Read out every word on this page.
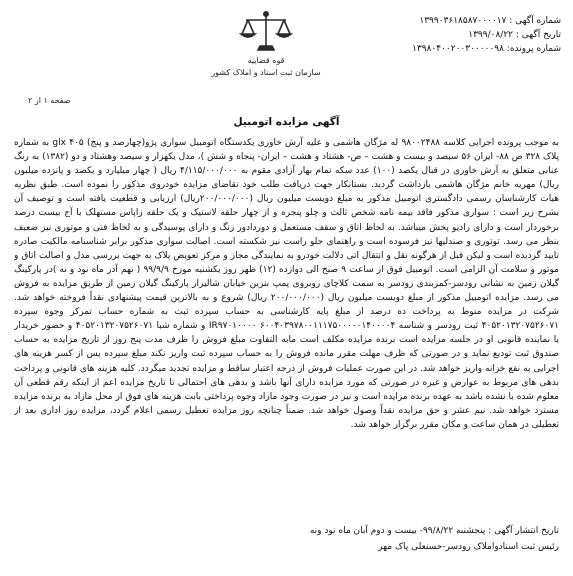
شماره آگهی : ۱۳۹۹۰۳۶۱۸۵۸۷۰۰۰۰۱۷
تاریخ آگهی : ۱۳۹۹/۰۸/۲۲
شماره پرونده: ۱۳۹۸۰۴۰۰۲۰۰۳۰۰۰۰۰۹۸
قوه قضاییه
سازمان ثبت اسناد و املاک کشور
صفحه ۱ از ۲
آگهی مزایده اتومبیل
به موجب پرونده اجرایی کلاسه ۹۸۰۰۲۴۸۸ له مژگان هاشمی و علیه آرش خاوری یکدستگاه اتومبیل سواری پژو(چهارصد و پنج) ۴۰۵ glx به شماره پلاک ۳۲۸ ص ۸۸- ایران ۵۶ سیصد و بیست و هشت – ص- هشتاد و هشت – ایران- پنجاه و شش )، مدل یکهزار و سیصد وهشتاد و دو (۱۳۸۲) به رنگ عنابی متعلق به آرش خاوری در قبال یکصد (۱۰۰) عدد سکه تمام بهار آزادی مقوم به ۴/۱۱۵/۰۰۰/۰۰۰ ریال ( چهار میلیارد و یکصد و پانزده میلیون ریال) مهریه خانم مژگان هاشمی بازداشت گردید. بستانکار جهت دریافت طلب خود تقاضای مزایده خودروی مذکور را نموده است. طبق نظریه هیات کارشناسان رسمی دادگستری اتومبیل مذکور به مبلغ دویست میلیون ریال (۲۰۰/۰۰۰/۰۰۰ریال) ارزیابی و قطعیت یافته است و توصیف آن بشرح زیر است : سواری مذکور فاقد بیمه نامه شخص ثالث و چلو پنجره و از چهار حلقه لاستیک و یک حلقه زاپاس مستهلک با آج بیست درصد برخوردار است و دارای رادیو پخش میباشد. به لحاظ اتاق و سقف مستعمل و دوردادور رنگ و دارای پوسیدگی و به لحاظ فنی و موتوری نیز ضعیف بنظر می رسد. توتوری و صندلیها نیز فرسوده است و راهنمای جلو راست نیز شکسته است. اصالت سواری مذکور برابر شناسنامه مالکیت صادره تایید گردیده است و لیکن قبل از هرگونه نقل و انتقال اتی دلالت خودرو به نمایندگی مجاز و مرکز تعویض پلاک به جهت بررسی مدل و اصالت اتاق و موتور و سلامت آن الزامی است. اتومبیل فوق از ساعت ۹ صبح الی دوازده (۱۲) ظهر روز یکشنبه مورخ ۹۹/۹/۹ ( نهم آذر ماه نود و نه )در پارکینگ گیلان زمین به نشانی رودسر-کمربندی رودسر به سمت کلاچای روبروی پمپ بنزین خیابان شالیزار پارکینگ گیلان زمین از طریق مزایده به فروش می رسد. مزایده اتومبیل مذکور از مبلغ دویست میلیون ریال (۲۰۰/۰۰۰/۰۰۰ ریال) شروع و به بالاترین قیمت پیشنهادی نقداً فروخته خواهد شد. شرکت در مزایده منوط به پرداخت ده درصد از مبلغ پایه کارشناسی به حساب سپرده ثبت به شماره حساب تمرکز وجوه سپرده ۴۰۵۲۰۱۳۲۰۷۵۲۶۰۷۱ ثبت رودسر و شناسه ۶۰۰۴۰۳۹۷۸۰۰۱۱۱۷۵۰۰۰۰۰۱۴۰۰۰۰۴ IR۹۷۰۱۰۰۰۰ و شماره شبا ۴۰۵۲۰۱۳۲۰۷۵۲۶۰۷۱ و حضور خریدار یا نماینده قانونی او در جلسه مزایده است برنده مزایده مکلف است مابه التفاوت مبلغ فروش را ظرف مدت پنج روز از تاریخ مزایده به حساب صندوق ثبت تودیع نماید و در صورتی که ظرف مهلت مقرر مانده فروش را به حساب سپرده ثبت واریز نکند مبلغ سپرده پس از کسر هزینه های اجرایی به نفع خزانه واریز خواهد شد. در این صورت عملیات فروش از درجه اعتبار ساقط و مزایده تجدید میگردد. کلیه هزینه های قانونی و پرداخت بدهی های مربوط به عوارض و غیره در صورتی که مورد مزایده دارای آنها باشد و بدهی های احتمالی تا تاریخ مزایده اعم از اینکه رقم قطعی آن معلوم شده یا نشده باشد به عهده برنده مزایده است و نیز در صورت وجود مازاد وجوه پرداختی بابت هزینه های فوق از محل مازاد به برنده مزایده مسترد خواهد شد. نیم عشر و حق مزایده نقداً وصول خواهد شد. ضمناً چنانچه روز مزایده تعطیل رسمی اعلام گردد، مزایده روز اداری بعد از تعطیلی در همان ساعت و مکان مقرر برگزار خواهد شد.
تاریخ انتشار آگهی : پنجشنبه ۹۹/۸/۲۲- بیست و دوم آبان ماه نود ونه
رئیس ثبت اسنادواملاک رودسر-حسنعلی پاک مهر
